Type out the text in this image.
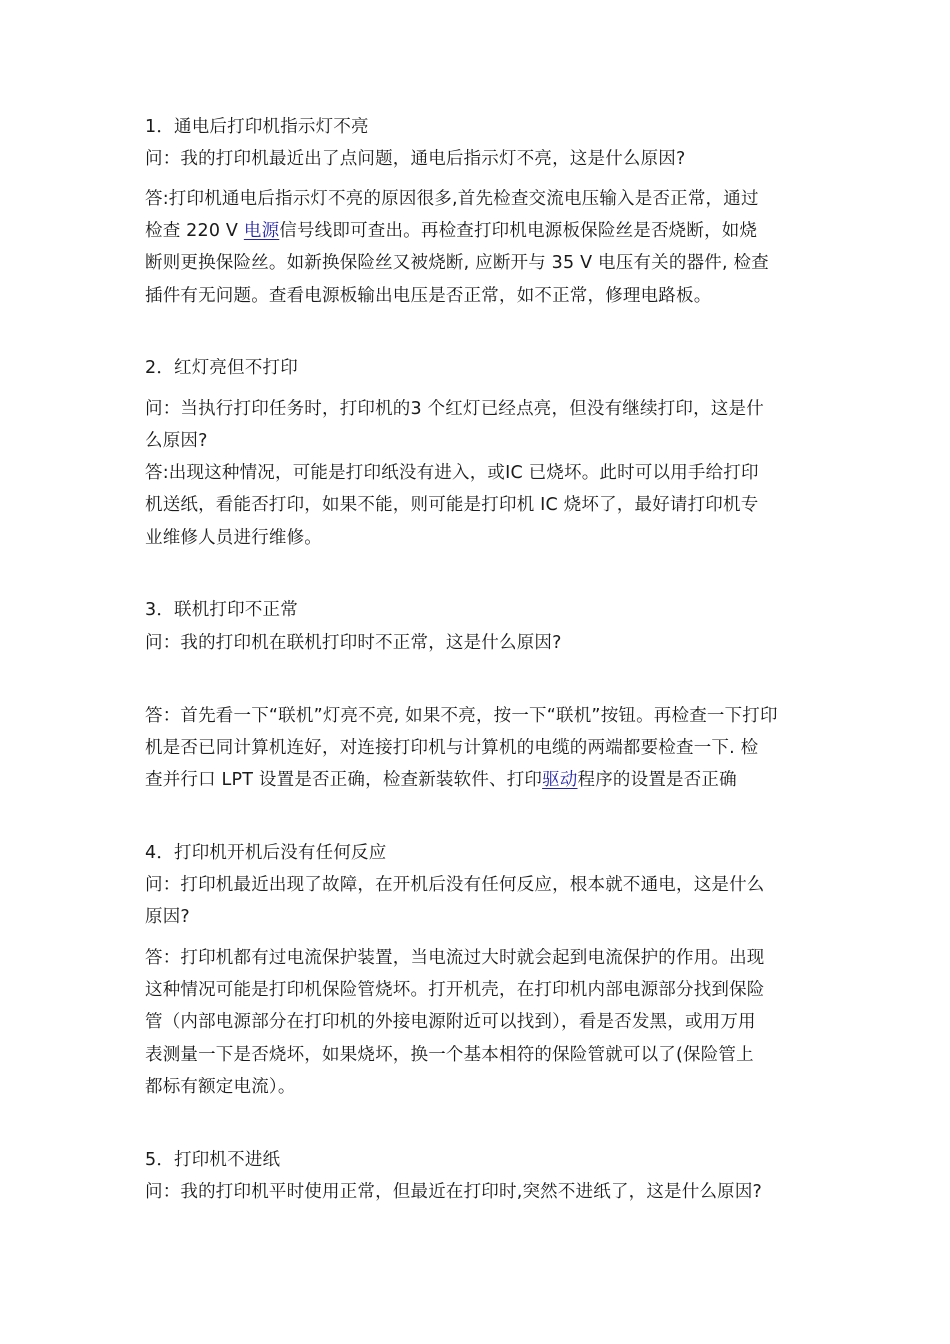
1．通电后打印机指示灯不亮
问：我的打印机最近出了点问题，通电后指示灯不亮，这是什么原因?
答:打印机通电后指示灯不亮的原因很多,首先检查交流电压输入是否正常，通过
检查 220 V 电源信号线即可查出。再检查打印机电源板保险丝是否烧断，如烧
断则更换保险丝。如新换保险丝又被烧断, 应断开与 35 V 电压有关的器件, 检查
插件有无问题。查看电源板输出电压是否正常，如不正常，修理电路板。
2．红灯亮但不打印
问：当执行打印任务时，打印机的3 个红灯已经点亮，但没有继续打印，这是什
么原因?
答:出现这种情况，可能是打印纸没有进入，或IC 已烧坏。此时可以用手给打印
机送纸，看能否打印，如果不能，则可能是打印机 IC 烧坏了，最好请打印机专
业维修人员进行维修。
3．联机打印不正常
问：我的打印机在联机打印时不正常，这是什么原因?
答：首先看一下“联机”灯亮不亮, 如果不亮，按一下“联机”按钮。再检查一下打印
机是否已同计算机连好，对连接打印机与计算机的电缆的两端都要检查一下. 检
查并行口 LPT 设置是否正确，检查新装软件、打印驱动程序的设置是否正确
4．打印机开机后没有任何反应
问：打印机最近出现了故障，在开机后没有任何反应，根本就不通电，这是什么
原因?
答：打印机都有过电流保护装置，当电流过大时就会起到电流保护的作用。出现
这种情况可能是打印机保险管烧坏。打开机壳，在打印机内部电源部分找到保险
管（内部电源部分在打印机的外接电源附近可以找到），看是否发黑，或用万用
表测量一下是否烧坏，如果烧坏，换一个基本相符的保险管就可以了(保险管上
都标有额定电流）。
5．打印机不进纸
问：我的打印机平时使用正常，但最近在打印时,突然不进纸了，这是什么原因?
